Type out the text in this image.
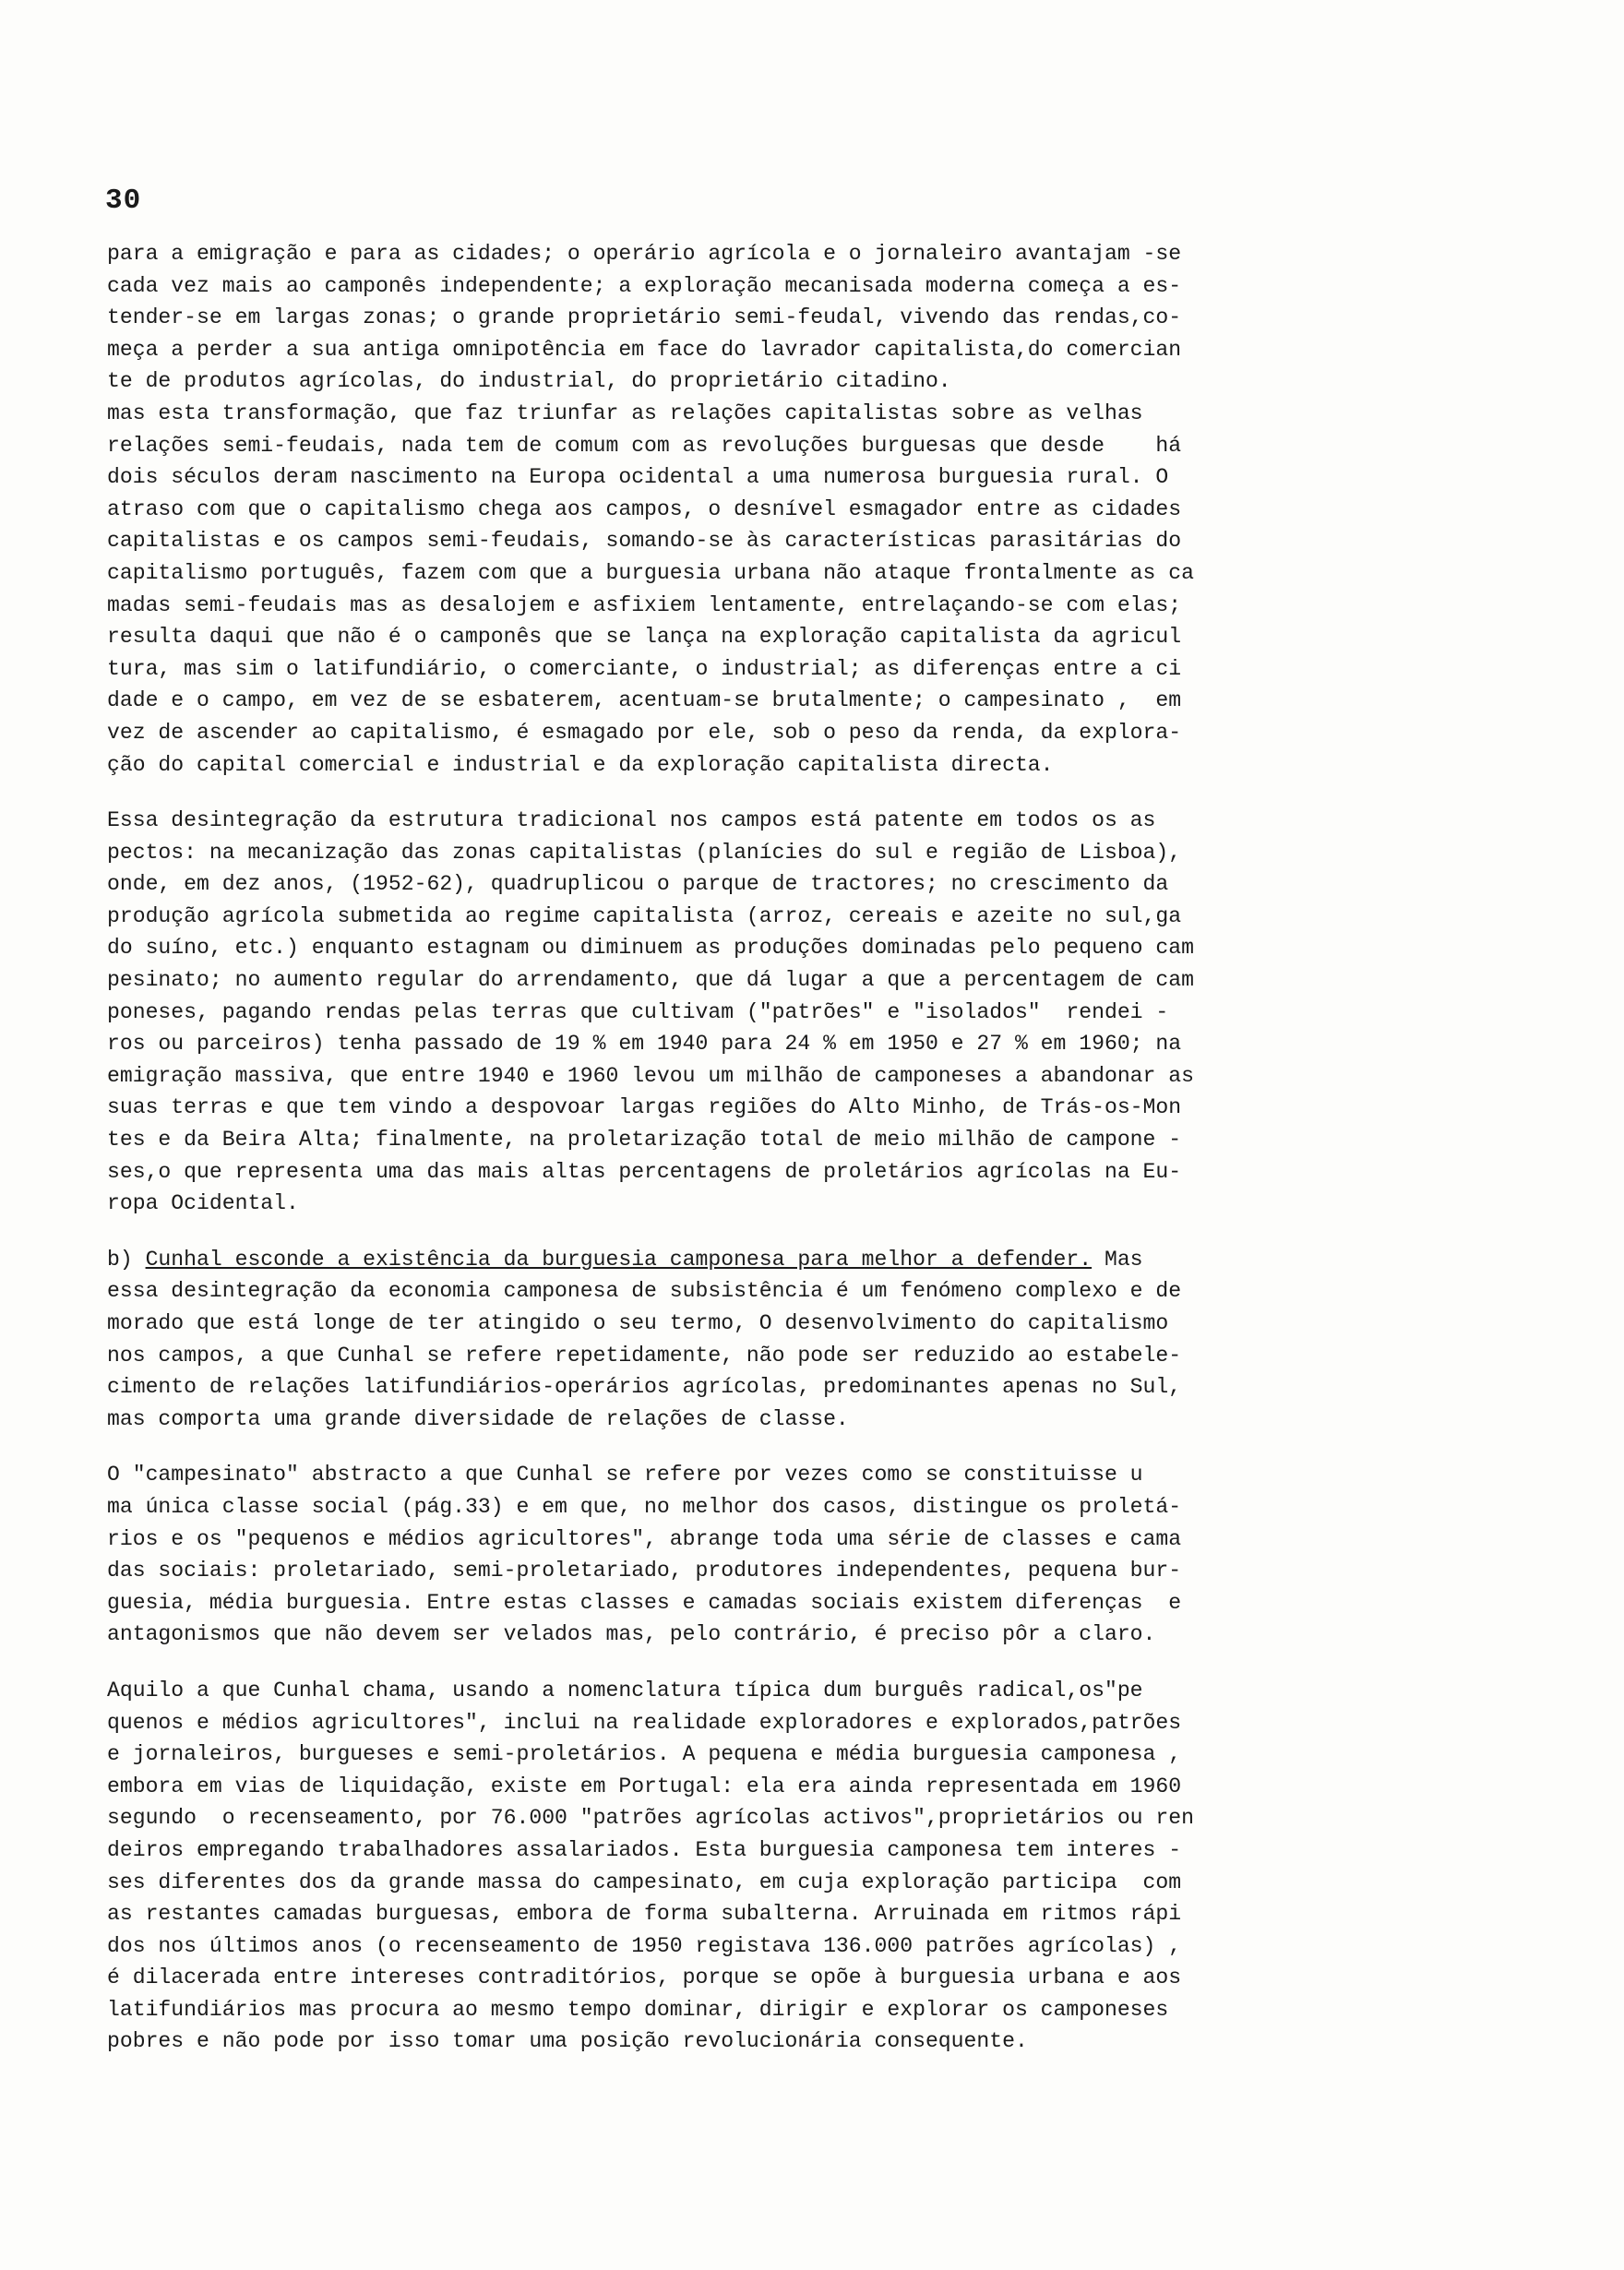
30
para a emigração e para as cidades; o operário agrícola e o jornaleiro avantajam -se
cada vez mais ao camponês independente; a exploração mecanisada moderna começa a es-
tender-se em largas zonas; o grande proprietário semi-feudal, vivendo das rendas,co-
meça a perder a sua antiga omnipotência em face do lavrador capitalista,do comercian
te de produtos agrícolas, do industrial, do proprietário citadino.
mas esta transformação, que faz triunfar as relações capitalistas sobre as velhas
relações semi-feudais, nada tem de comum com as revoluções burguesas que desde    há
dois séculos deram nascimento na Europa ocidental a uma numerosa burguesia rural. O
atraso com que o capitalismo chega aos campos, o desnível esmagador entre as cidades
capitalistas e os campos semi-feudais, somando-se às características parasitárias do
capitalismo português, fazem com que a burguesia urbana não ataque frontalmente as ca
madas semi-feudais mas as desalojem e asfixiem lentamente, entrelaçando-se com elas;
resulta daqui que não é o camponês que se lança na exploração capitalista da agricul
tura, mas sim o latifundiário, o comerciante, o industrial; as diferenças entre a ci
dade e o campo, em vez de se esbaterem, acentuam-se brutalmente; o campesinato ,  em
vez de ascender ao capitalismo, é esmagado por ele, sob o peso da renda, da explora-
ção do capital comercial e industrial e da exploração capitalista directa.
Essa desintegração da estrutura tradicional nos campos está patente em todos os as
pectos: na mecanização das zonas capitalistas (planícies do sul e região de Lisboa),
onde, em dez anos, (1952-62), quadruplicou o parque de tractores; no crescimento da
produção agrícola submetida ao regime capitalista (arroz, cereais e azeite no sul,ga
do suíno, etc.) enquanto estagnam ou diminuem as produções dominadas pelo pequeno cam
pesinato; no aumento regular do arrendamento, que dá lugar a que a percentagem de cam
poneses, pagando rendas pelas terras que cultivam ("patrões" e "isolados"  rendei -
ros ou parceiros) tenha passado de 19 % em 1940 para 24 % em 1950 e 27 % em 1960; na
emigração massiva, que entre 1940 e 1960 levou um milhão de camponeses a abandonar as
suas terras e que tem vindo a despovoar largas regiões do Alto Minho, de Trás-os-Mon
tes e da Beira Alta; finalmente, na proletarização total de meio milhão de campone -
ses,o que representa uma das mais altas percentagens de proletários agrícolas na Eu-
ropa Ocidental.
b) Cunhal esconde a existência da burguesia camponesa para melhor a defender. Mas
essa desintegração da economia camponesa de subsistência é um fenómeno complexo e de
morado que está longe de ter atingido o seu termo, O desenvolvimento do capitalismo
nos campos, a que Cunhal se refere repetidamente, não pode ser reduzido ao estabele-
cimento de relações latifundiários-operários agrícolas, predominantes apenas no Sul,
mas comporta uma grande diversidade de relações de classe.
O "campesinato" abstracto a que Cunhal se refere por vezes como se constituisse u
ma única classe social (pág.33) e em que, no melhor dos casos, distingue os proletá-
rios e os "pequenos e médios agricultores", abrange toda uma série de classes e cama
das sociais: proletariado, semi-proletariado, produtores independentes, pequena bur-
guesia, média burguesia. Entre estas classes e camadas sociais existem diferenças  e
antagonismos que não devem ser velados mas, pelo contrário, é preciso pôr a claro.
Aquilo a que Cunhal chama, usando a nomenclatura típica dum burguês radical,os"pe
quenos e médios agricultores", inclui na realidade exploradores e explorados,patrões
e jornaleiros, burgueses e semi-proletários. A pequena e média burguesia camponesa ,
embora em vias de liquidação, existe em Portugal: ela era ainda representada em 1960
segundo  o recenseamento, por 76.000 "patrões agrícolas activos",proprietários ou ren
deiros empregando trabalhadores assalariados. Esta burguesia camponesa tem interes -
ses diferentes dos da grande massa do campesinato, em cuja exploração participa  com
as restantes camadas burguesas, embora de forma subalterna. Arruinada em ritmos rápi
dos nos últimos anos (o recenseamento de 1950 registava 136.000 patrões agrícolas) ,
é dilacerada entre intereses contraditórios, porque se opõe à burguesia urbana e aos
latifundiários mas procura ao mesmo tempo dominar, dirigir e explorar os camponeses
pobres e não pode por isso tomar uma posição revolucionária consequente.
